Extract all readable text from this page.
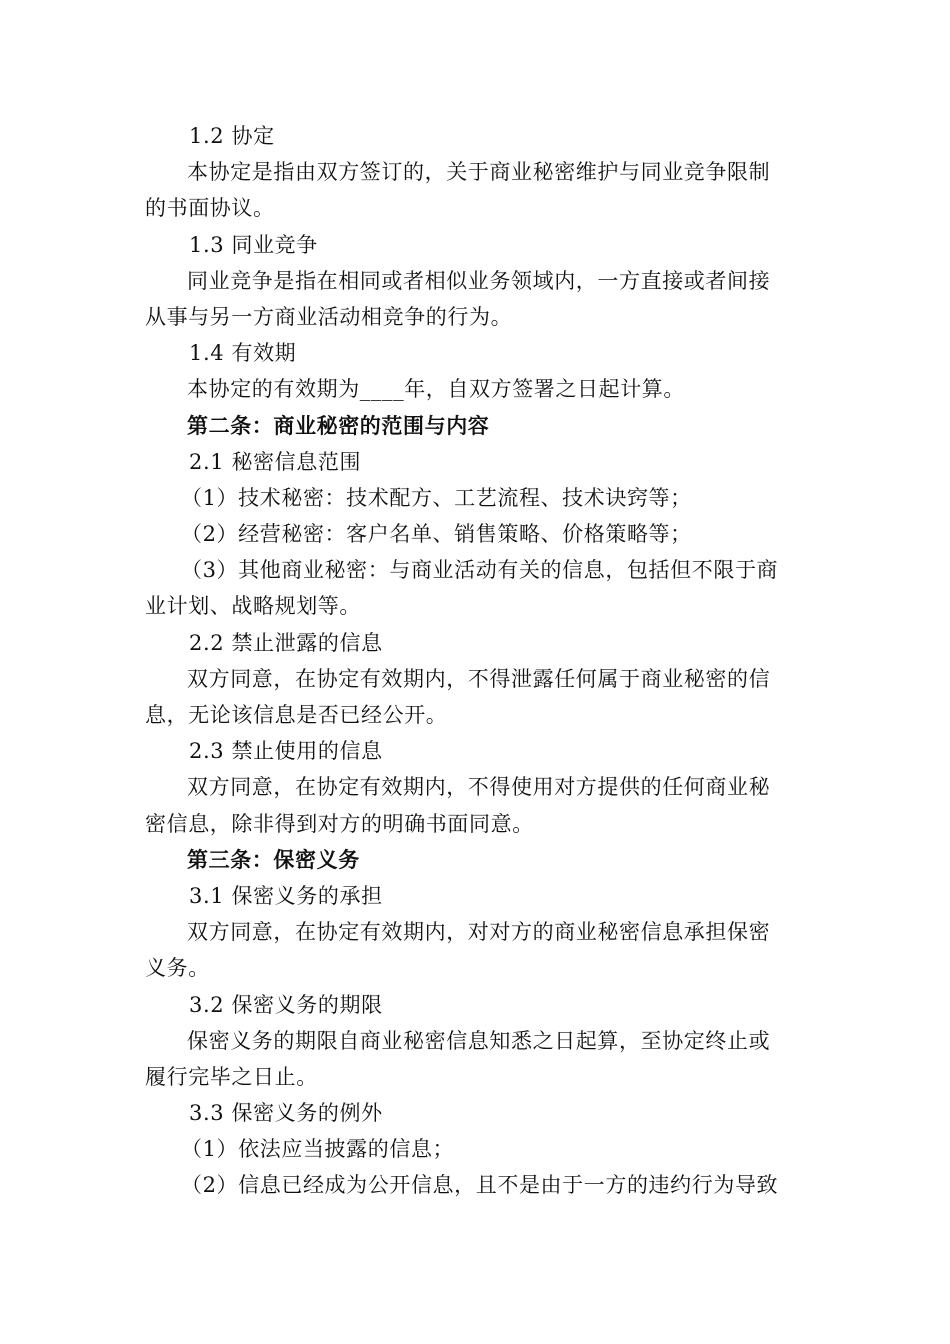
1.2 协定
本协定是指由双方签订的，关于商业秘密维护与同业竞争限制
的书面协议。
1.3 同业竞争
同业竞争是指在相同或者相似业务领域内，一方直接或者间接
从事与另一方商业活动相竞争的行为。
1.4 有效期
本协定的有效期为____年，自双方签署之日起计算。
第二条：商业秘密的范围与内容
2.1 秘密信息范围
（1）技术秘密：技术配方、工艺流程、技术诀窍等；
（2）经营秘密：客户名单、销售策略、价格策略等；
（3）其他商业秘密：与商业活动有关的信息，包括但不限于商
业计划、战略规划等。
2.2 禁止泄露的信息
双方同意，在协定有效期内，不得泄露任何属于商业秘密的信
息，无论该信息是否已经公开。
2.3 禁止使用的信息
双方同意，在协定有效期内，不得使用对方提供的任何商业秘
密信息，除非得到对方的明确书面同意。
第三条：保密义务
3.1 保密义务的承担
双方同意，在协定有效期内，对对方的商业秘密信息承担保密
义务。
3.2 保密义务的期限
保密义务的期限自商业秘密信息知悉之日起算，至协定终止或
履行完毕之日止。
3.3 保密义务的例外
（1）依法应当披露的信息；
（2）信息已经成为公开信息，且不是由于一方的违约行为导致
